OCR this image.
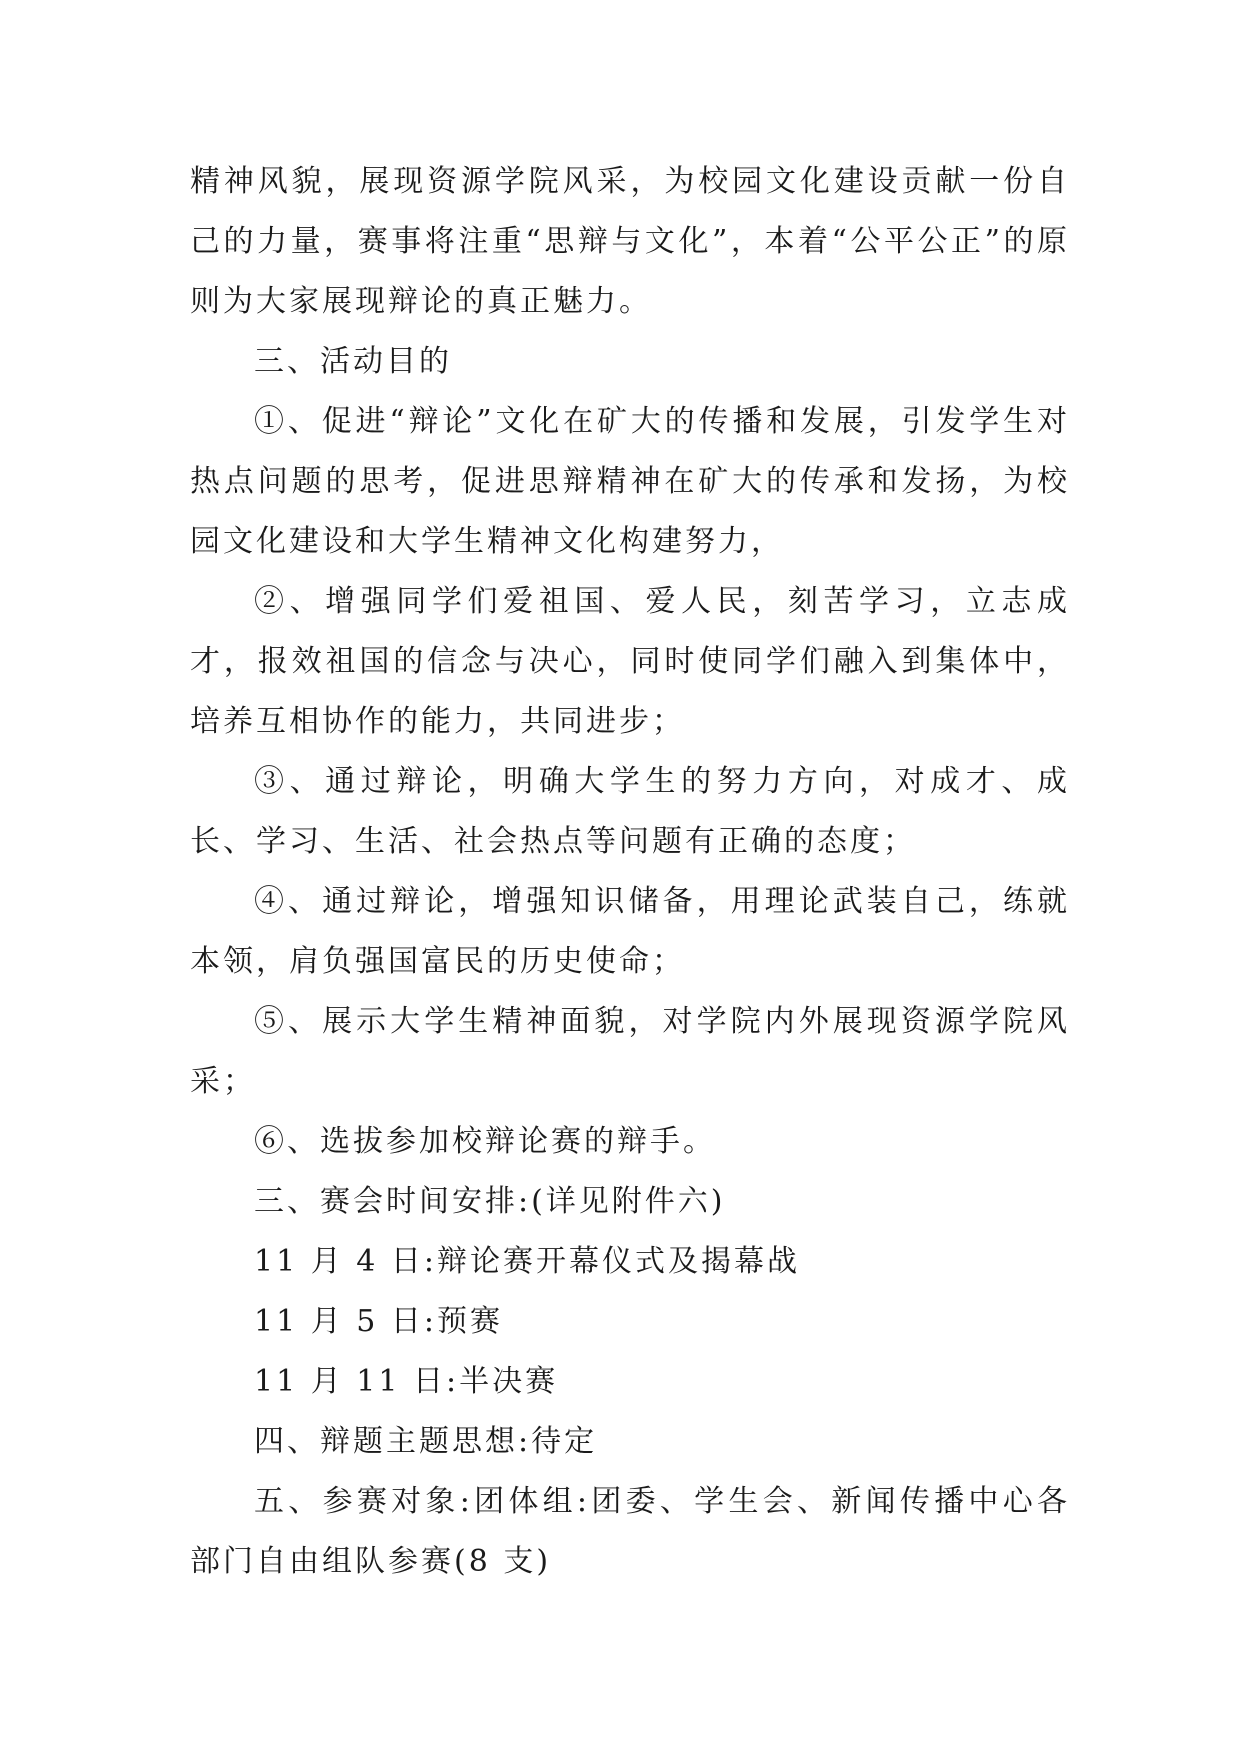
精神风貌，展现资源学院风采，为校园文化建设贡献一份自己的力量，赛事将注重“思辩与文化”，本着“公平公正”的原则为大家展现辩论的真正魅力。

三、活动目的

①、促进“辩论”文化在矿大的传播和发展，引发学生对热点问题的思考，促进思辩精神在矿大的传承和发扬，为校园文化建设和大学生精神文化构建努力，

②、增强同学们爱祖国、爱人民，刻苦学习，立志成才，报效祖国的信念与决心，同时使同学们融入到集体中，培养互相协作的能力，共同进步；

③、通过辩论，明确大学生的努力方向，对成才、成长、学习、生活、社会热点等问题有正确的态度；

④、通过辩论，增强知识储备，用理论武装自己，练就本领，肩负强国富民的历史使命；

⑤、展示大学生精神面貌，对学院内外展现资源学院风采；

⑥、选拔参加校辩论赛的辩手。

三、赛会时间安排:(详见附件六)

11 月 4 日:辩论赛开幕仪式及揭幕战

11 月 5 日:预赛

11 月 11 日:半决赛

四、辩题主题思想:待定

五、参赛对象:团体组:团委、学生会、新闻传播中心各部门自由组队参赛(8 支)
